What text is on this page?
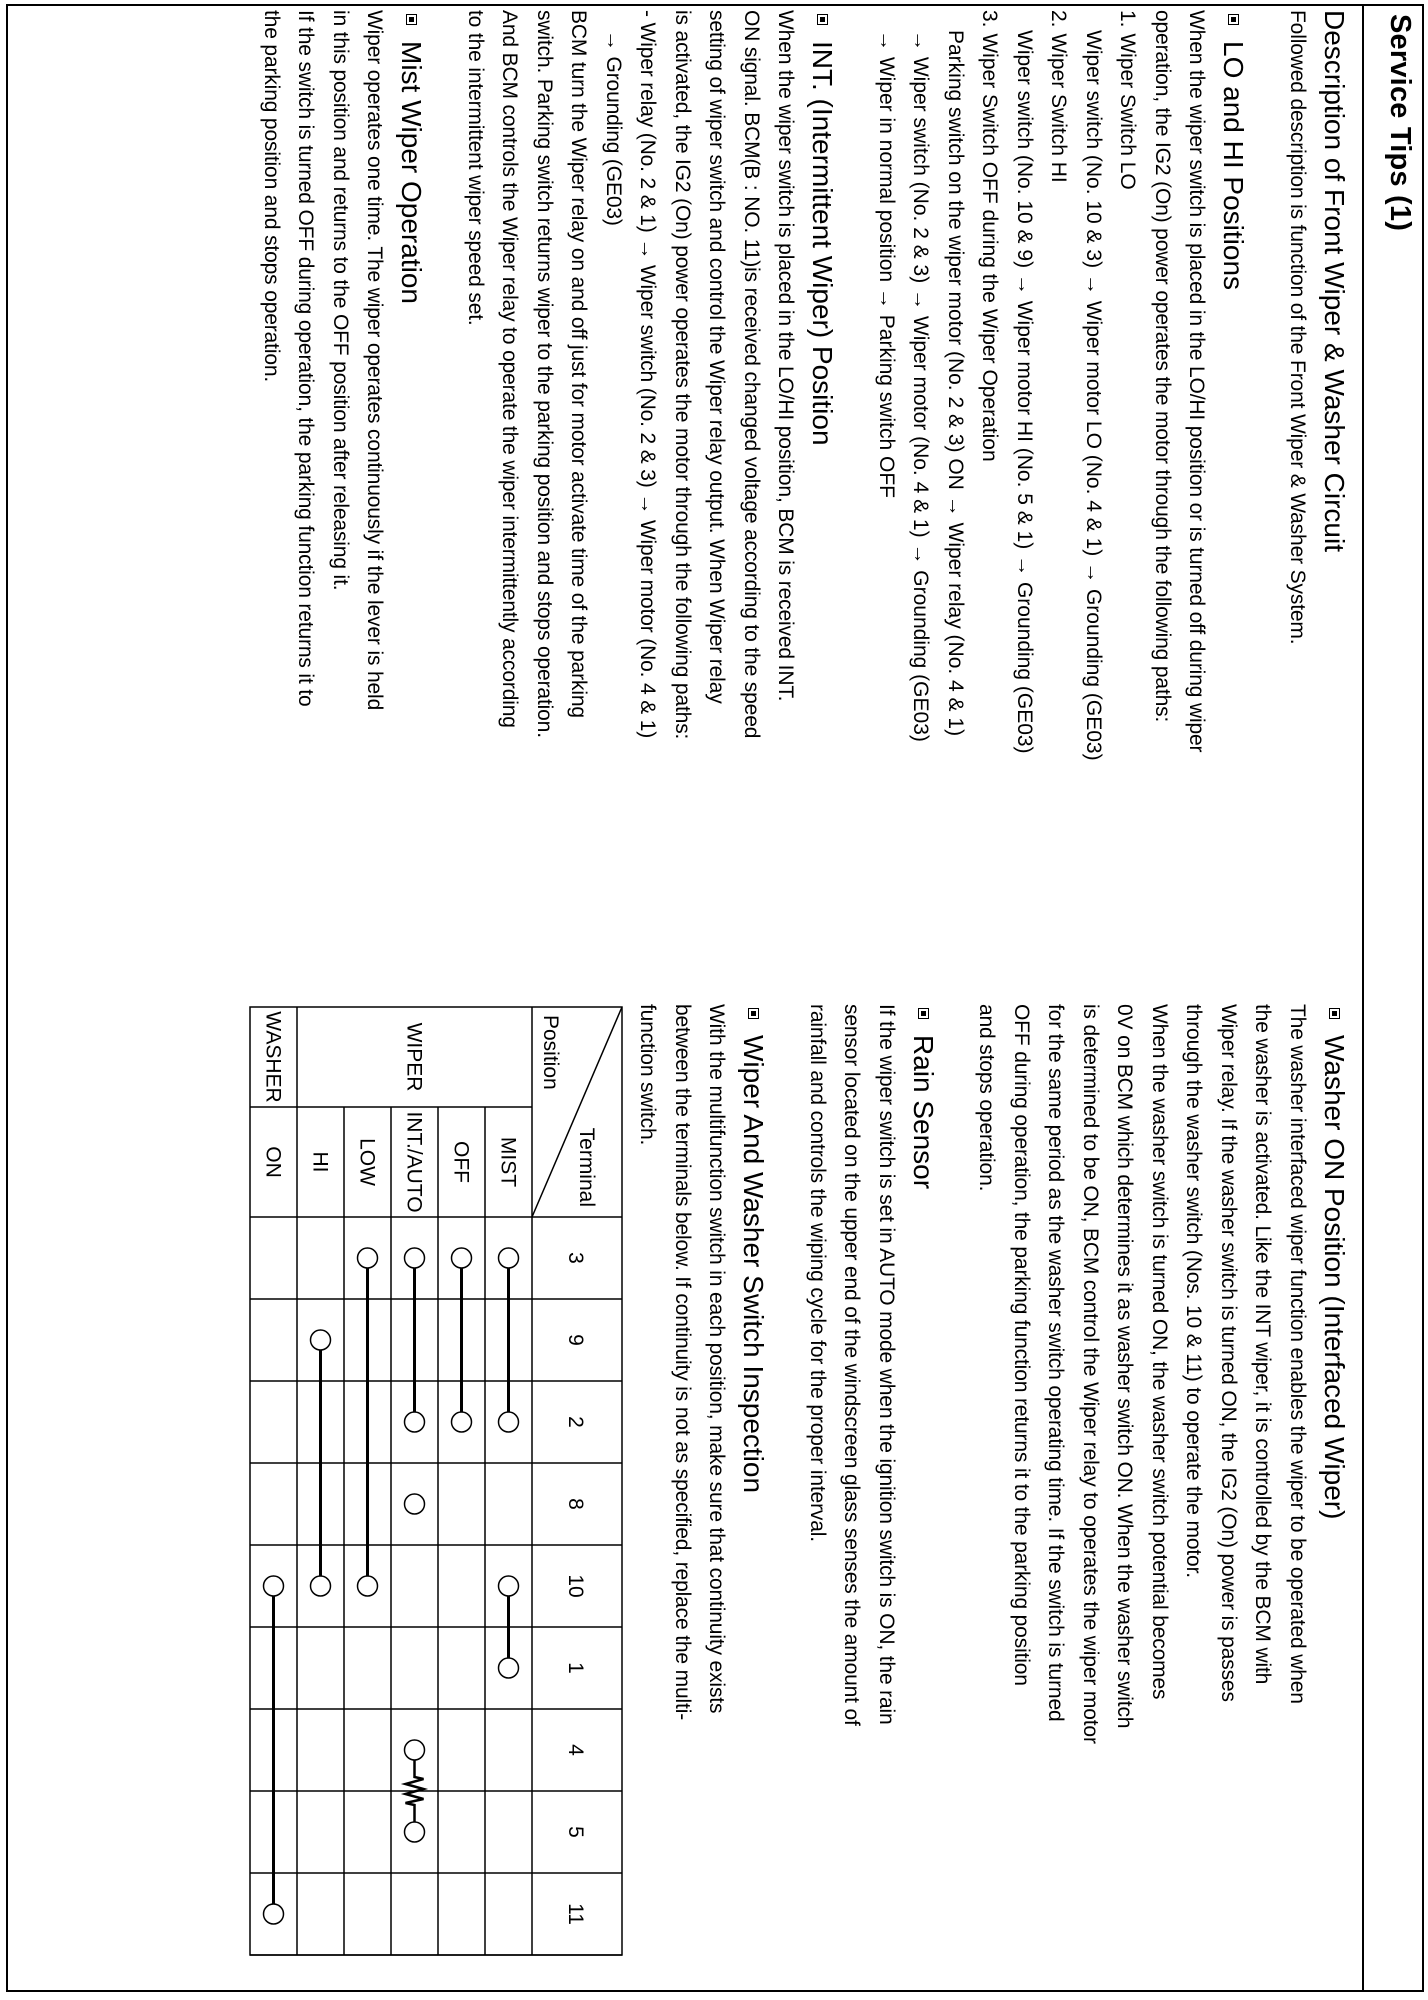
Service Tips (1)
Description of Front Wiper & Washer Circuit
Followed description is function of the Front Wiper & Washer System.
LO and HI Positions
When the wiper switch is placed in the LO/HI position or is turned off during wiper
operation, the IG2 (On) power operates the motor through the following paths:
1. Wiper Switch LO
Wiper switch (No. 10 & 3) → Wiper motor LO (No. 4 & 1) → Grounding (GE03)
2. Wiper Switch HI
Wiper switch (No. 10 & 9) → Wiper motor HI (No. 5 & 1) → Grounding (GE03)
3. Wiper Switch OFF during the Wiper Operation
Parking switch on the wiper motor (No. 2 & 3) ON → Wiper relay (No. 4 & 1)
→ Wiper switch (No. 2 & 3) → Wiper motor (No. 4 & 1) → Grounding (GE03)
→ Wiper in normal position → Parking switch OFF
INT. (Intermittent Wiper) Position
When the wiper switch is placed in the LO/HI position, BCM is received INT.
ON signal. BCM(B : NO. 11)is received changed voltage according to the speed
setting of wiper switch and control the Wiper relay output. When Wiper relay
is activated, the IG2 (On) power operates the motor through the following paths:
- Wiper relay (No. 2 & 1) → Wiper switch (No. 2 & 3) → Wiper motor (No. 4 & 1)
→ Grounding (GE03)
BCM turn the Wiper relay on and off just for motor activate time of the parking
switch. Parking switch returns wiper to the parking position and stops operation.
And BCM controls the Wiper relay to operate the wiper intermittently according
to the intermittent wiper speed set.
Mist Wiper Operation
Wiper operates one time. The wiper operates continuously if the lever is held
in this position and returns to the OFF position after releasing it.
If the switch is turned OFF during operation, the parking function returns it to
the parking position and stops operation.
Washer ON Position (Interfaced Wiper)
The washer interfaced wiper function enables the wiper to be operated when
the washer is activated. Like the INT wiper, it is controlled by the BCM with
Wiper relay. If the washer switch is turned ON, the IG2 (On) power is passes
through the washer switch (Nos. 10 & 11) to operate the motor.
When the washer switch is turned ON, the washer switch potential becomes
0V on BCM which determines it as washer switch ON. When the washer switch
is determined to be ON, BCM control the Wiper relay to operates the wiper motor
for the same period as the washer switch operating time. If the switch is turned
OFF during operation, the parking function returns it to the parking position
and stops operation.
Rain Sensor
If the wiper switch is set in AUTO mode when the ignition switch is ON, the rain
sensor located on the upper end of the windscreen glass senses the amount of
rainfall and controls the wiping cycle for the proper interval.
Wiper And Washer Switch Inspection
With the multifunction switch in each position, make sure that continuity exists
between the terminals below. If continuity is not as specified, replace the multi-
function switch.
Terminal
Position
3
9
2
8
10
1
4
5
11
WIPER
WASHER
MIST
OFF
INT./AUTO
LOW
HI
ON
